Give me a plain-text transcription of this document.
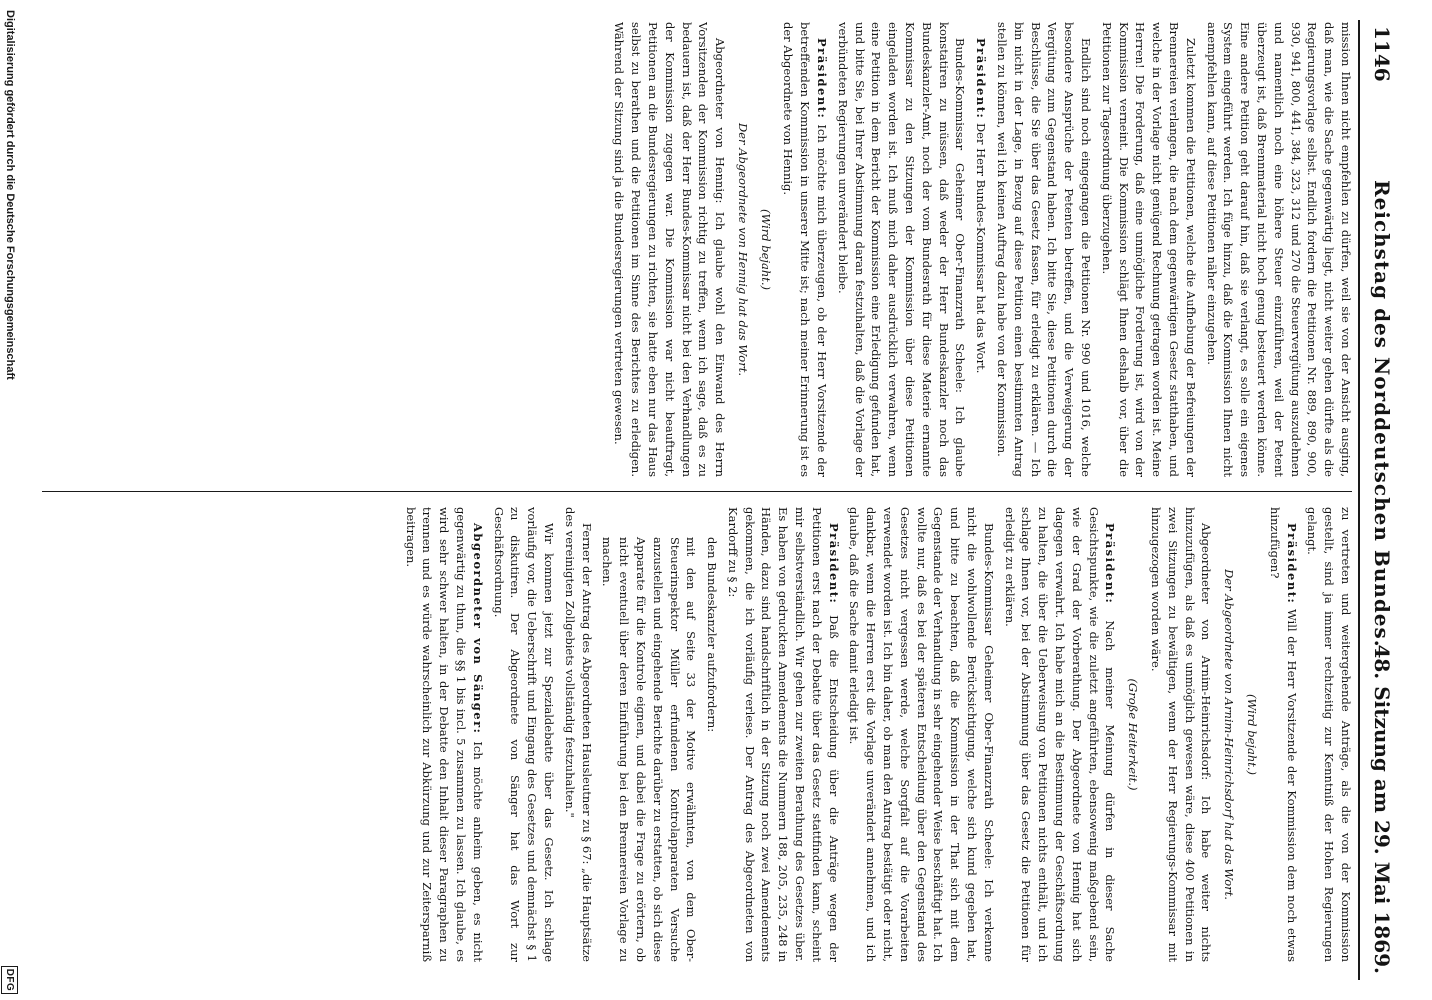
1146
Reichstag des Norddeutschen Bundes.
48. Sitzung am 29. Mai 1869.

mission Ihnen nicht empfehlen zu dürfen, weil sie von der Ansicht ausging, daß man, wie die Sache gegenwärtig liegt, nicht weiter gehen dürfte als die Regierungsvorlage selbst. Endlich fordern die Petitionen Nr. 889, 890, 900, 930, 941, 800, 441, 384, 323, 312 und 270 die Steuervergütung auszudehnen und namentlich noch eine höhere Steuer einzuführen, weil der Petent überzeugt ist, daß Brennmaterial nicht hoch genug besteuert werden könne. Eine andere Petition geht darauf hin, daß sie verlangt, es solle ein eigenes System eingeführt werden. Ich füge hinzu, daß die Kommission Ihnen nicht anempfehlen kann, auf diese Petitionen näher einzugehen.

Zuletzt kommen die Petitionen, welche die Aufhebung der Befreiungen der Brennereien verlangen, die nach dem gegenwärtigen Gesetz statthaben, und welche in der Vorlage nicht genügend Rechnung getragen worden ist. Meine Herren! Die Forderung, daß eine unmögliche Forderung ist, wird von der Kommission verneint. Die Kommission schlägt Ihnen deshalb vor, über die Petitionen zur Tagesordnung überzugehen.

Endlich sind noch eingegangen die Petitionen Nr. 990 und 1016, welche besondere Ansprüche der Petenten betreffen, und die Verweigerung der Vergütung zum Gegenstand haben. Ich bitte Sie, diese Petitionen durch die Beschlüsse, die Sie über das Gesetz fassen, für erledigt zu erklären. — Ich bin nicht in der Lage, in Bezug auf diese Petition einen bestimmten Antrag stellen zu können, weil ich keinen Auftrag dazu habe von der Kommission.

Präsident: Der Herr Bundes-Kommissar hat das Wort.

Bundes-Kommissar Geheimer Ober-Finanzrath Scheele: Ich glaube konstatiren zu müssen, daß weder der Herr Bundeskanzler noch das Bundeskanzler-Amt, noch der vom Bundesrath für diese Materie ernannte Kommissar zu den Sitzungen der Kommission über diese Petitionen eingeladen worden ist. Ich muß mich daher ausdrücklich verwahren, wenn eine Petition in dem Bericht der Kommission eine Erledigung gefunden hat, und bitte Sie, bei Ihrer Abstimmung daran festzuhalten, daß die Vorlage der verbündeten Regierungen unverändert bleibe.

Präsident: Ich möchte mich überzeugen, ob der Herr Vorsitzende der betreffenden Kommission in unserer Mitte ist; nach meiner Erinnerung ist es der Abgeordnete von Hennig.

(Wird bejaht.)

Der Abgeordnete von Hennig hat das Wort.

Abgeordneter von Hennig: Ich glaube wohl den Einwand des Herrn Vorsitzenden der Kommission richtig zu treffen, wenn ich sage, daß es zu bedauern ist, daß der Herr Bundes-Kommissar nicht bei den Verhandlungen der Kommission zugegen war. Die Kommission war nicht beauftragt, Petitionen an die Bundesregierungen zu richten, sie hatte eben nur das Haus selbst zu berathen und die Petitionen im Sinne des Berichtes zu erledigen. Während der Sitzung sind ja die Bundesregierungen vertreten gewesen.

zu vertreten und weitergehende Anträge, als die von der Kommission gestellt, sind ja immer rechtzeitig zur Kenntniß der Hohen Regierungen gelangt.

Präsident: Will der Herr Vorsitzende der Kommission dem noch etwas hinzufügen?

(Wird bejaht.)

Der Abgeordnete von Arnim-Heinrichsdorf hat das Wort.

Abgeordneter von Arnim-Heinrichsdorf: Ich habe weiter nichts hinzuzufügen, als daß es unmöglich gewesen wäre, diese 400 Petitionen in zwei Sitzungen zu bewältigen, wenn der Herr Regierungs-Kommissar mit hinzugezogen worden wäre.

(Große Heiterkeit.)

Präsident: Nach meiner Meinung dürfen in dieser Sache Gesichtspunkte, wie die zuletzt angeführten, ebensowenig maßgebend sein, wie der Grad der Vorberathung. Der Abgeordnete von Hennig hat sich dagegen verwahrt. Ich habe mich an die Bestimmung der Geschäftsordnung zu halten, die über die Ueberweisung von Petitionen nichts enthält, und ich schlage Ihnen vor, bei der Abstimmung über das Gesetz die Petitionen für erledigt zu erklären.

Bundes-Kommissar Geheimer Ober-Finanzrath Scheele: Ich verkenne nicht die wohlwollende Berücksichtigung, welche sich kund gegeben hat, und bitte zu beachten, daß die Kommission in der That sich mit dem Gegenstande der Verhandlung in sehr eingehender Weise beschäftigt hat. Ich wollte nur, daß es bei der späteren Entscheidung über den Gegenstand des Gesetzes nicht vergessen werde, welche Sorgfalt auf die Vorarbeiten verwendet worden ist. Ich bin daher, ob man den Antrag bestätigt oder nicht, dankbar, wenn die Herren erst die Vorlage unverändert annehmen, und ich glaube, daß die Sache damit erledigt ist.

Präsident: Daß die Entscheidung über die Anträge wegen der Petitionen erst nach der Debatte über das Gesetz stattfinden kann, scheint mir selbstverständlich. Wir gehen zur zweiten Berathung des Gesetzes über. Es haben von gedruckten Amendements die Nummern 188, 205, 235, 248 in Händen, dazu sind handschriftlich in der Sitzung noch zwei Amendements gekommen, die ich vorläufig verlese. Der Antrag des Abgeordneten von Kardorff zu § 2:

den Bundeskanzler aufzufordern:

mit den auf Seite 33 der Motive erwähnten, von dem Ober-Steuerinspektor Müller erfundenen Kontrolapparaten Versuche anzustellen und eingehende Berichte darüber zu erstatten, ob sich diese Apparate für die Kontrole eignen, und dabei die Frage zu erörtern, ob nicht eventuell über deren Einführung bei den Brennereien Vorlage zu machen.

Ferner der Antrag des Abgeordneten Hausleutner zu § 67: „die Hauptsätze des vereinigten Zollgebiets vollständig festzuhalten."

Wir kommen jetzt zur Spezialdebatte über das Gesetz. Ich schlage vorläufig vor, die Ueberschrift und Eingang des Gesetzes und demnächst § 1 zu diskutiren. Der Abgeordnete von Sänger hat das Wort zur Geschäftsordnung.

Abgeordneter von Sänger: Ich möchte anheim geben, es nicht gegenwärtig zu thun, die §§ 1 bis incl. 5 zusammen zu lassen. Ich glaube, es wird sehr schwer halten, in der Debatte den Inhalt dieser Paragraphen zu trennen und es würde wahrscheinlich zur Abkürzung und zur Zeitersparniß beitragen.

Digitalisierung gefördert durch die Deutsche Forschungsgemeinschaft
DFG
